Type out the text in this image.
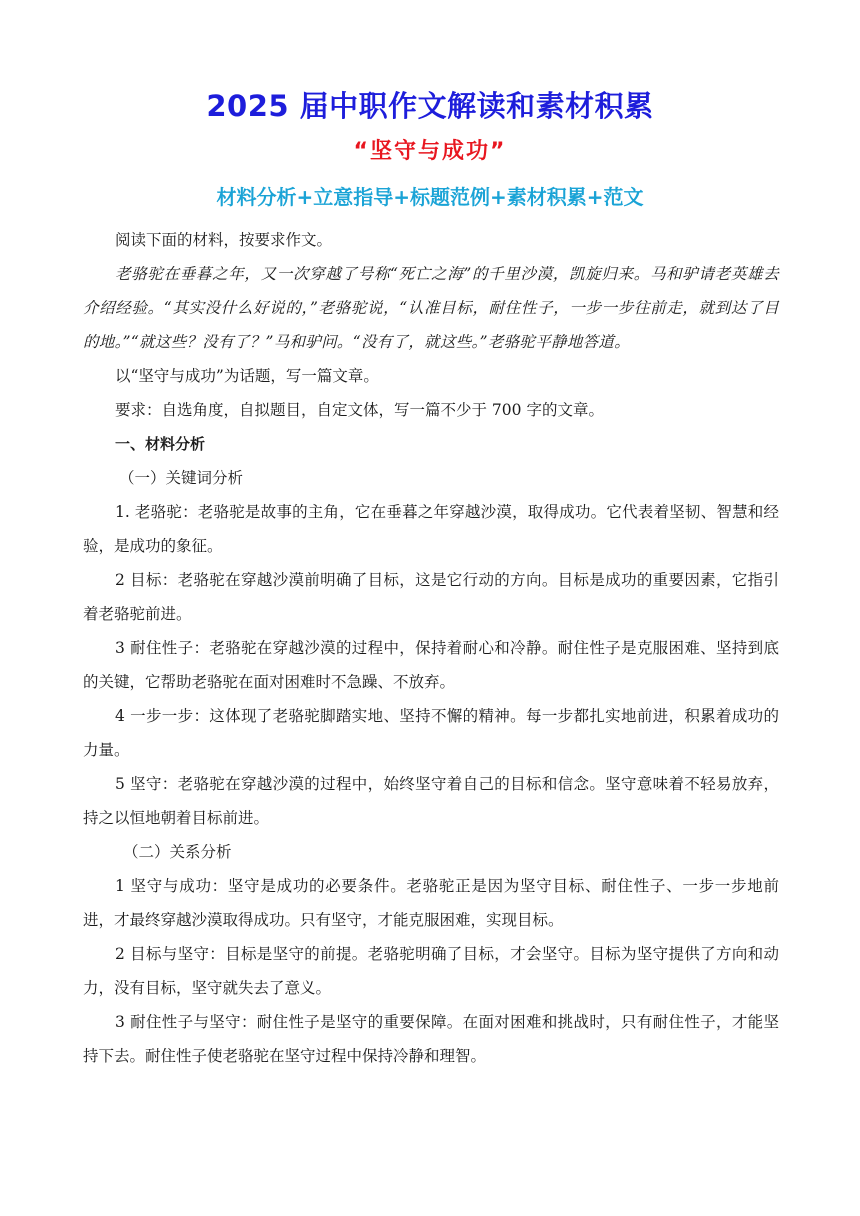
2025 届中职作文解读和素材积累
“坚守与成功”
材料分析+立意指导+标题范例+素材积累+范文

阅读下面的材料，按要求作文。

老骆驼在垂暮之年，又一次穿越了号称“死亡之海”的千里沙漠，凯旋归来。马和驴请老英雄去介绍经验。“其实没什么好说的，”老骆驼说，“认准目标，耐住性子，一步一步往前走，就到达了目的地。”“就这些？没有了？”马和驴问。“没有了，就这些。”老骆驼平静地答道。

以“坚守与成功”为话题，写一篇文章。

要求：自选角度，自拟题目，自定文体，写一篇不少于 700 字的文章。

一、材料分析

（一）关键词分析

1. 老骆驼：老骆驼是故事的主角，它在垂暮之年穿越沙漠，取得成功。它代表着坚韧、智慧和经验，是成功的象征。

2 目标：老骆驼在穿越沙漠前明确了目标，这是它行动的方向。目标是成功的重要因素，它指引着老骆驼前进。

3 耐住性子：老骆驼在穿越沙漠的过程中，保持着耐心和冷静。耐住性子是克服困难、坚持到底的关键，它帮助老骆驼在面对困难时不急躁、不放弃。

4 一步一步：这体现了老骆驼脚踏实地、坚持不懈的精神。每一步都扎实地前进，积累着成功的力量。

5 坚守：老骆驼在穿越沙漠的过程中，始终坚守着自己的目标和信念。坚守意味着不轻易放弃，持之以恒地朝着目标前进。

（二）关系分析

1 坚守与成功：坚守是成功的必要条件。老骆驼正是因为坚守目标、耐住性子、一步一步地前进，才最终穿越沙漠取得成功。只有坚守，才能克服困难，实现目标。

2 目标与坚守：目标是坚守的前提。老骆驼明确了目标，才会坚守。目标为坚守提供了方向和动力，没有目标，坚守就失去了意义。

3 耐住性子与坚守：耐住性子是坚守的重要保障。在面对困难和挑战时，只有耐住性子，才能坚持下去。耐住性子使老骆驼在坚守过程中保持冷静和理智。
